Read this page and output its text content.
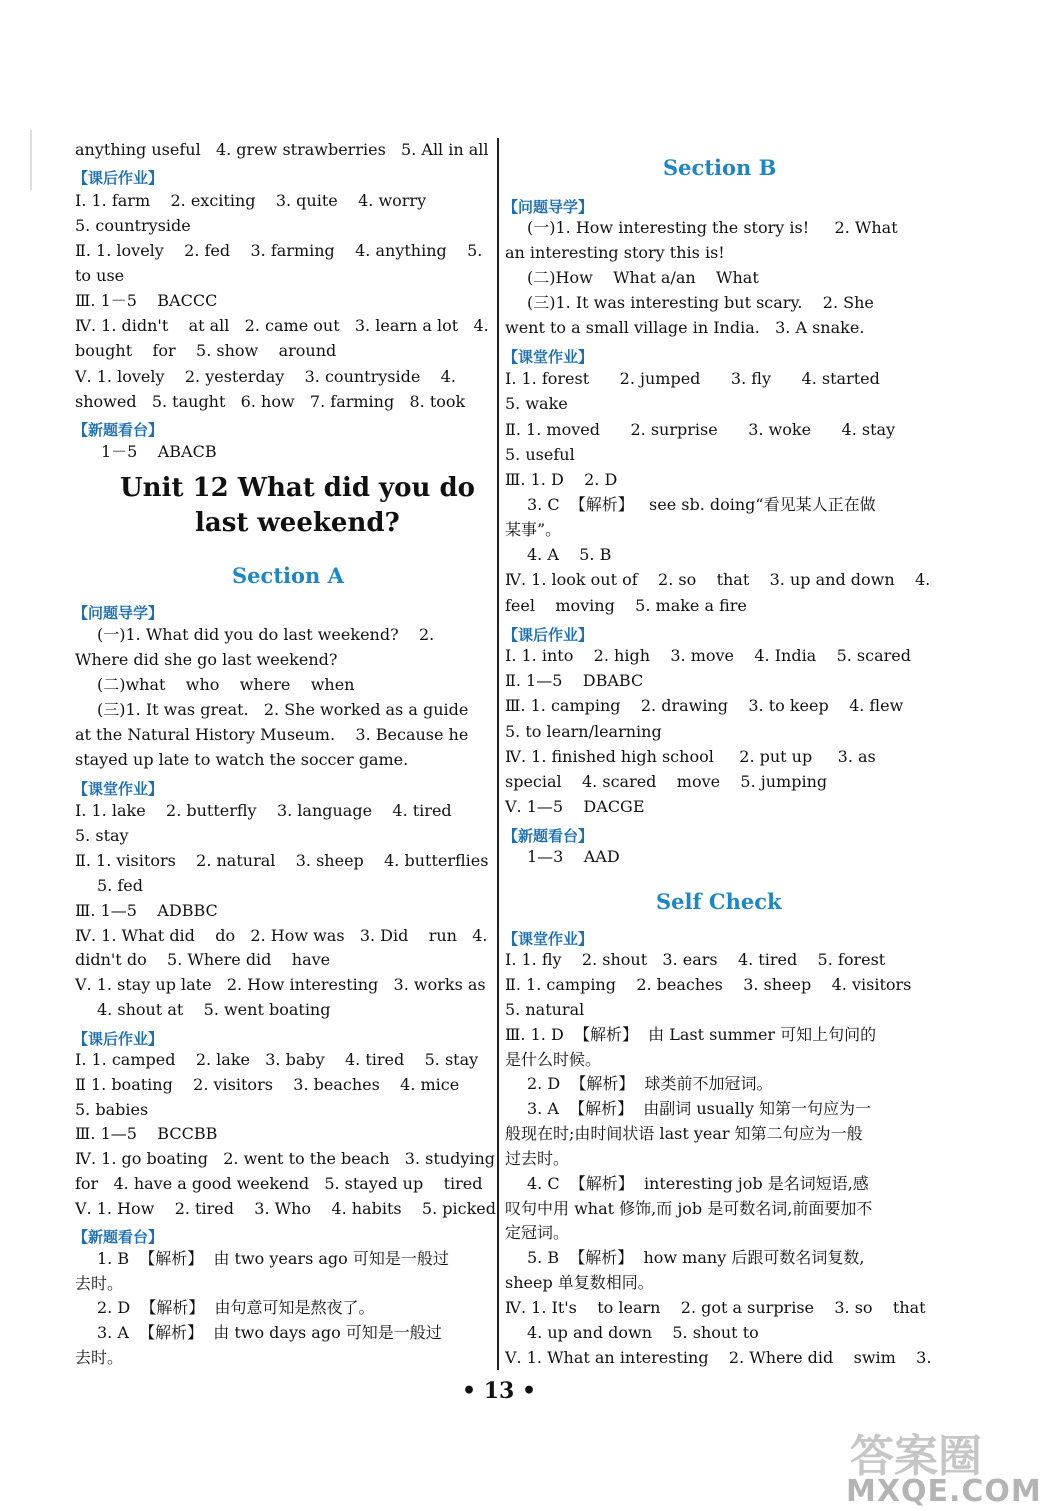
anything useful   4. grew strawberries   5. All in all
【课后作业】
Ⅰ. 1. farm    2. exciting    3. quite    4. worry
5. countryside
Ⅱ. 1. lovely    2. fed    3. farming    4. anything    5.
to use
Ⅲ. 1－5    BACCC
Ⅳ. 1. didn't    at all   2. came out   3. learn a lot   4.
bought    for    5. show    around
Ⅴ. 1. lovely    2. yesterday    3. countryside    4.
showed   5. taught   6. how   7. farming   8. took
【新题看台】
1－5    ABACB
Unit 12 What did you do
last weekend?
Section A
【问题导学】
(一)1. What did you do last weekend?    2.
Where did she go last weekend?
(二)what    who    where    when
(三)1. It was great.   2. She worked as a guide
at the Natural History Museum.    3. Because he
stayed up late to watch the soccer game.
【课堂作业】
Ⅰ. 1. lake    2. butterfly    3. language    4. tired
5. stay
Ⅱ. 1. visitors    2. natural    3. sheep    4. butterflies
5. fed
Ⅲ. 1—5    ADBBC
Ⅳ. 1. What did    do   2. How was   3. Did    run   4.
didn't do    5. Where did    have
Ⅴ. 1. stay up late   2. How interesting   3. works as
4. shout at    5. went boating
【课后作业】
Ⅰ. 1. camped    2. lake   3. baby    4. tired    5. stay
Ⅱ 1. boating    2. visitors    3. beaches    4. mice
5. babies
Ⅲ. 1—5    BCCBB
Ⅳ. 1. go boating   2. went to the beach   3. studying
for   4. have a good weekend   5. stayed up    tired
Ⅴ. 1. How    2. tired    3. Who    4. habits    5. picked
【新题看台】
1. B  【解析】  由 two years ago 可知是一般过
去时。
2. D  【解析】  由句意可知是熬夜了。
3. A  【解析】  由 two days ago 可知是一般过
去时。
Section B
【问题导学】
(一)1. How interesting the story is!     2. What
an interesting story this is!
(二)How    What a/an    What
(三)1. It was interesting but scary.    2. She
went to a small village in India.   3. A snake.
【课堂作业】
Ⅰ. 1. forest      2. jumped      3. fly      4. started
5. wake
Ⅱ. 1. moved      2. surprise      3. woke      4. stay
5. useful
Ⅲ. 1. D    2. D
3. C  【解析】   see sb. doing“看见某人正在做
某事”。
4. A    5. B
Ⅳ. 1. look out of    2. so    that    3. up and down    4.
feel    moving    5. make a fire
【课后作业】
Ⅰ. 1. into    2. high    3. move    4. India    5. scared
Ⅱ. 1—5    DBABC
Ⅲ. 1. camping    2. drawing    3. to keep    4. flew
5. to learn/learning
Ⅳ. 1. finished high school     2. put up     3. as
special    4. scared    move    5. jumping
Ⅴ. 1—5    DACGE
【新题看台】
1—3    AAD
Self Check
【课堂作业】
Ⅰ. 1. fly    2. shout   3. ears    4. tired    5. forest
Ⅱ. 1. camping    2. beaches    3. sheep    4. visitors
5. natural
Ⅲ. 1. D  【解析】  由 Last summer 可知上句问的
是什么时候。
2. D  【解析】  球类前不加冠词。
3. A  【解析】  由副词 usually 知第一句应为一
般现在时;由时间状语 last year 知第二句应为一般
过去时。
4. C  【解析】  interesting job 是名词短语,感
叹句中用 what 修饰,而 job 是可数名词,前面要加不
定冠词。
5. B  【解析】  how many 后跟可数名词复数,
sheep 单复数相同。
Ⅳ. 1. It's    to learn    2. got a surprise    3. so    that
4. up and down    5. shout to
Ⅴ. 1. What an interesting    2. Where did    swim    3.
• 13 •
答案圈
MXQE.COM
